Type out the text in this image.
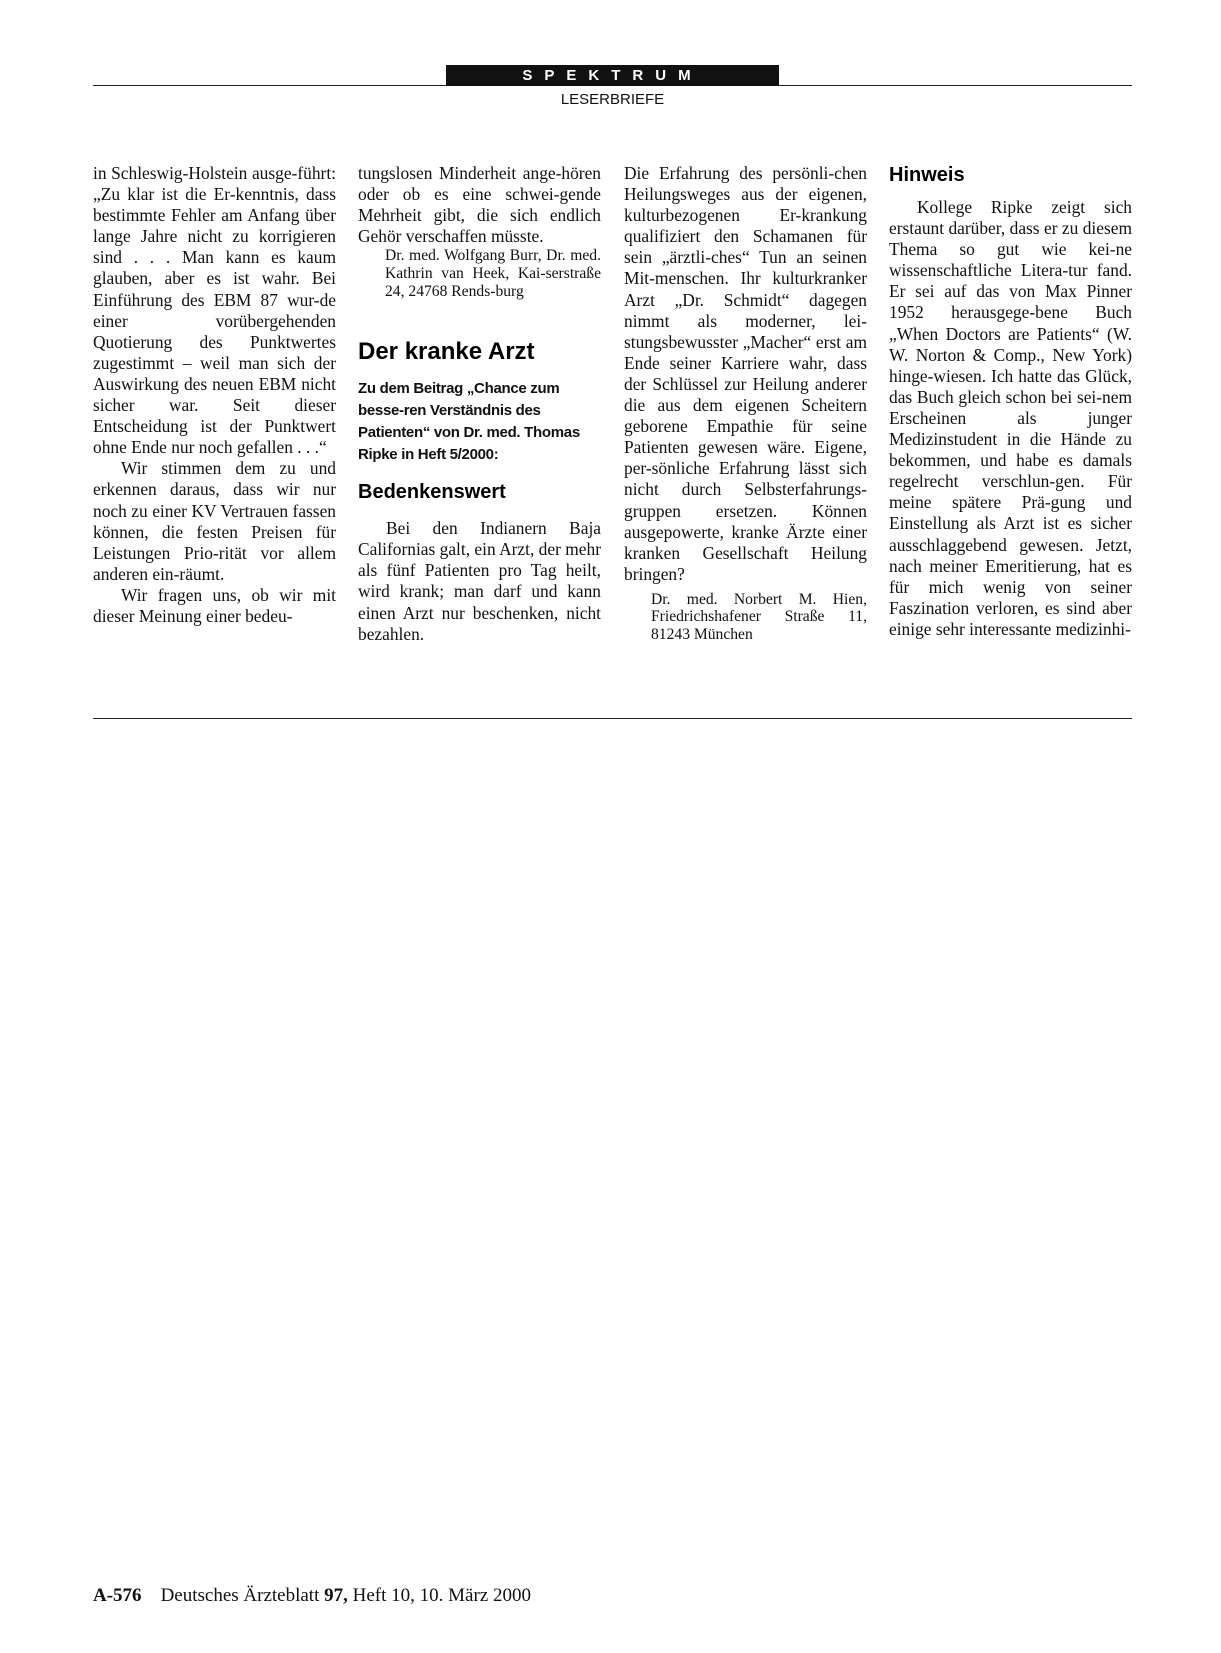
SPEKTRUM
LESERBRIEFE

in Schleswig-Holstein ausge-führt: „Zu klar ist die Er-kenntnis, dass bestimmte Fehler am Anfang über lange Jahre nicht zu korrigieren sind . . . Man kann es kaum glauben, aber es ist wahr. Bei Einführung des EBM 87 wur-de einer vorübergehenden Quotierung des Punktwertes zugestimmt – weil man sich der Auswirkung des neuen EBM nicht sicher war. Seit dieser Entscheidung ist der Punktwert ohne Ende nur noch gefallen . . .“

Wir stimmen dem zu und erkennen daraus, dass wir nur noch zu einer KV Vertrauen fassen können, die festen Preisen für Leistungen Prio-rität vor allem anderen ein-räumt.

Wir fragen uns, ob wir mit dieser Meinung einer bedeu-

tungslosen Minderheit ange-hören oder ob es eine schwei-gende Mehrheit gibt, die sich endlich Gehör verschaffen müsste.

Dr. med. Wolfgang Burr, Dr. med. Kathrin van Heek, Kai-serstraße 24, 24768 Rends-burg

Der kranke Arzt

Zu dem Beitrag „Chance zum besse-ren Verständnis des Patienten“ von Dr. med. Thomas Ripke in Heft 5/2000:

Bedenkenswert

Bei den Indianern Baja Californias galt, ein Arzt, der mehr als fünf Patienten pro Tag heilt, wird krank; man darf und kann einen Arzt nur beschenken, nicht bezahlen.

Die Erfahrung des persönli-chen Heilungsweges aus der eigenen, kulturbezogenen Er-krankung qualifiziert den Schamanen für sein „ärztli-ches“ Tun an seinen Mit-menschen. Ihr kulturkranker Arzt „Dr. Schmidt“ dagegen nimmt als moderner, lei-stungsbewusster „Macher“ erst am Ende seiner Karriere wahr, dass der Schlüssel zur Heilung anderer die aus dem eigenen Scheitern geborene Empathie für seine Patienten gewesen wäre. Eigene, per-sönliche Erfahrung lässt sich nicht durch Selbsterfahrungs-gruppen ersetzen. Können ausgepowerte, kranke Ärzte einer kranken Gesellschaft Heilung bringen?

Dr. med. Norbert M. Hien, Friedrichshafener Straße 11, 81243 München

Hinweis

Kollege Ripke zeigt sich erstaunt darüber, dass er zu diesem Thema so gut wie kei-ne wissenschaftliche Litera-tur fand. Er sei auf das von Max Pinner 1952 herausgege-bene Buch „When Doctors are Patients“ (W. W. Norton & Comp., New York) hinge-wiesen. Ich hatte das Glück, das Buch gleich schon bei sei-nem Erscheinen als junger Medizinstudent in die Hände zu bekommen, und habe es damals regelrecht verschlun-gen. Für meine spätere Prä-gung und Einstellung als Arzt ist es sicher ausschlaggebend gewesen. Jetzt, nach meiner Emeritierung, hat es für mich wenig von seiner Faszination verloren, es sind aber einige sehr interessante medizinhi-

A-576 Deutsches Ärzteblatt 97, Heft 10, 10. März 2000
